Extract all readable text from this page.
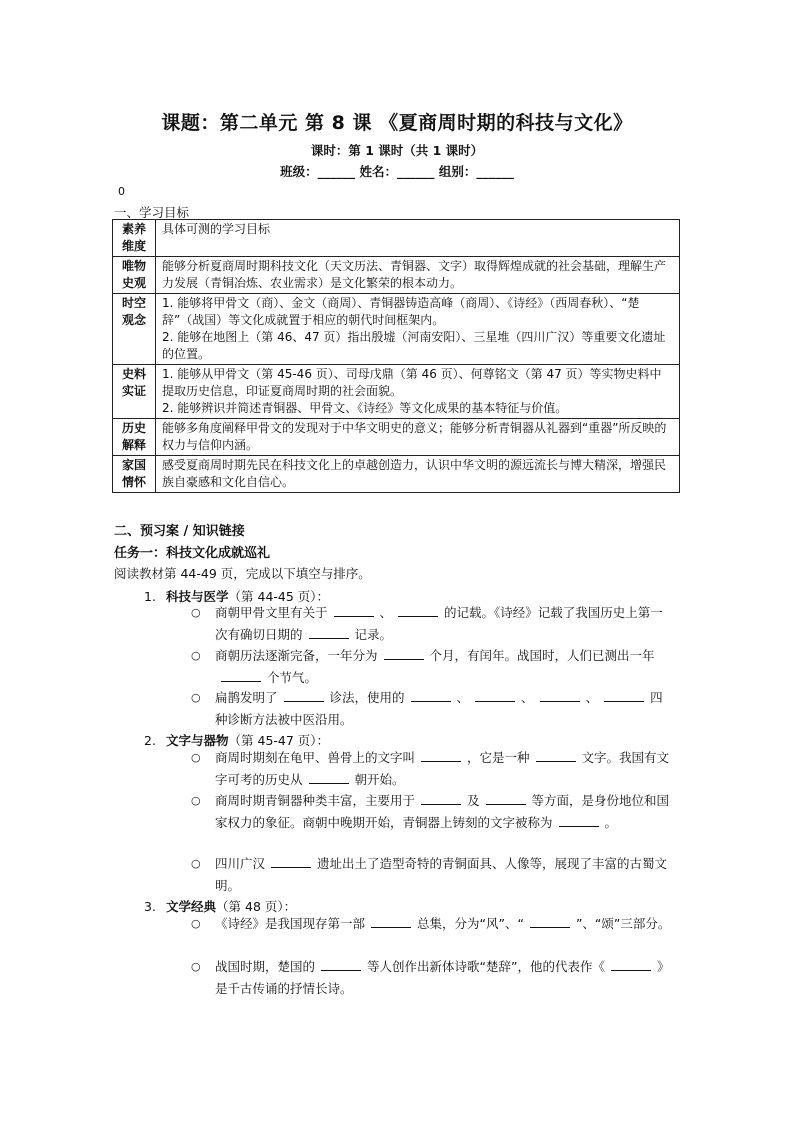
课题：第二单元 第 8 课 《夏商周时期的科技与文化》
课时：第 1 课时（共 1 课时）
班级：______ 姓名：______ 组别：______
0
一、学习目标
素养维度	具体可测的学习目标
唯物史观	能够分析夏商周时期科技文化（天文历法、青铜器、文字）取得辉煌成就的社会基础，理解生产力发展（青铜冶炼、农业需求）是文化繁荣的根本动力。

时空观念	1. 能够将甲骨文（商）、金文（商周）、青铜器铸造高峰（商周）、《诗经》（西周春秋）、“楚辞”（战国）等文化成就置于相应的朝代时间框架内。
2. 能够在地图上（第 46、47 页）指出殷墟（河南安阳）、三星堆（四川广汉）等重要文化遗址的位置。

史料实证	1. 能够从甲骨文（第 45-46 页）、司母戊鼎（第 46 页）、何尊铭文（第 47 页）等实物史料中提取历史信息，印证夏商周时期的社会面貌。
2. 能够辨识并简述青铜器、甲骨文、《诗经》等文化成果的基本特征与价值。

历史解释	能够多角度阐释甲骨文的发现对于中华文明史的意义；能够分析青铜器从礼器到“重器”所反映的权力与信仰内涵。

家国情怀	感受夏商周时期先民在科技文化上的卓越创造力，认识中华文明的源远流长与博大精深，增强民族自豪感和文化自信心。
二、预习案 / 知识链接
任务一：科技文化成就巡礼
阅读教材第 44-49 页，完成以下填空与排序。
1. 科技与医学（第 44-45 页）：
○ 商朝甲骨文里有关于	、	的记载。《诗经》记载了我国历史上第一次有确切日期的	记录。
○ 商朝历法逐渐完备，一年分为	个月，有闰年。战国时，人们已测出一年个节气。
○ 扁鹊发明了	诊法，使用的	、	、	、	四种诊断方法被中医沿用。
2. 文字与器物（第 45-47 页）：
○ 商周时期刻在龟甲、兽骨上的文字叫	，它是一种	文字。我国有文字可考的历史从	朝开始。
○ 商周时期青铜器种类丰富，主要用于	及	等方面，是身份地位和国家权力的象征。商朝中晚期开始，青铜器上铸刻的文字被称为	。
○ 四川广汉	遗址出土了造型奇特的青铜面具、人像等，展现了丰富的古蜀文明。
3. 文学经典（第 48 页）：
○ 《诗经》是我国现存第一部	总集，分为“风”、“	”、“颂”三部分。
○ 战国时期，楚国的	等人创作出新体诗歌“楚辞”，他的代表作《	》是千古传诵的抒情长诗。
